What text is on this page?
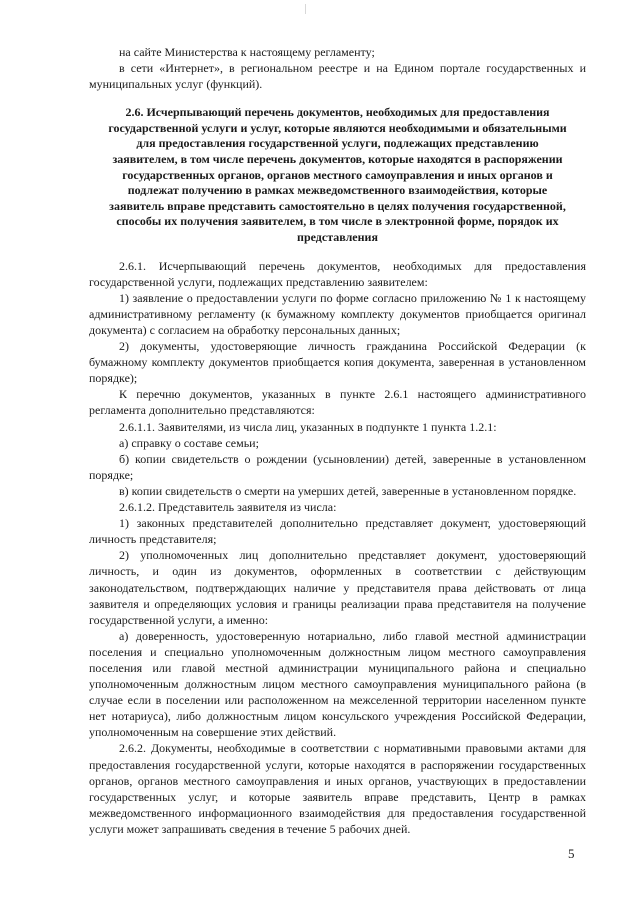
на сайте Министерства к настоящему регламенту;

в сети «Интернет», в региональном реестре и на Едином портале государственных и муниципальных услуг (функций).

2.6. Исчерпывающий перечень документов, необходимых для предоставления
государственной услуги и услуг, которые являются необходимыми и обязательными
для предоставления государственной услуги, подлежащих представлению
заявителем, в том числе перечень документов, которые находятся в распоряжении
государственных органов, органов местного самоуправления и иных органов и
подлежат получению в рамках межведомственного взаимодействия, которые
заявитель вправе представить самостоятельно в целях получения государственной,
способы их получения заявителем, в том числе в электронной форме, порядок их
представления

2.6.1. Исчерпывающий перечень документов, необходимых для предоставления государственной услуги, подлежащих представлению заявителем:

1) заявление о предоставлении услуги по форме согласно приложению № 1 к настоящему административному регламенту (к бумажному комплекту документов приобщается оригинал документа) с согласием на обработку персональных данных;

2) документы, удостоверяющие личность гражданина Российской Федерации (к бумажному комплекту документов приобщается копия документа, заверенная в установленном порядке);

К перечню документов, указанных в пункте 2.6.1 настоящего административного регламента дополнительно представляются:

2.6.1.1. Заявителями, из числа лиц, указанных в подпункте 1 пункта 1.2.1:

а) справку о составе семьи;

б) копии свидетельств о рождении (усыновлении) детей, заверенные в установленном порядке;

в) копии свидетельств о смерти на умерших детей, заверенные в установленном порядке.

2.6.1.2. Представитель заявителя из числа:

1) законных представителей дополнительно представляет документ, удостоверяющий личность представителя;

2) уполномоченных лиц дополнительно представляет документ, удостоверяющий личность, и один из документов, оформленных в соответствии с действующим законодательством, подтверждающих наличие у представителя права действовать от лица заявителя и определяющих условия и границы реализации права представителя на получение государственной услуги, а именно:

а) доверенность, удостоверенную нотариально, либо главой местной администрации поселения и специально уполномоченным должностным лицом местного самоуправления поселения или главой местной администрации муниципального района и специально уполномоченным должностным лицом местного самоуправления муниципального района (в случае если в поселении или расположенном на межселенной территории населенном пункте нет нотариуса), либо должностным лицом консульского учреждения Российской Федерации, уполномоченным на совершение этих действий.

2.6.2. Документы, необходимые в соответствии с нормативными правовыми актами для предоставления государственной услуги, которые находятся в распоряжении государственных органов, органов местного самоуправления и иных органов, участвующих в предоставлении государственных услуг, и которые заявитель вправе представить, Центр в рамках межведомственного информационного взаимодействия для предоставления государственной услуги может запрашивать сведения в течение 5 рабочих дней.

5
